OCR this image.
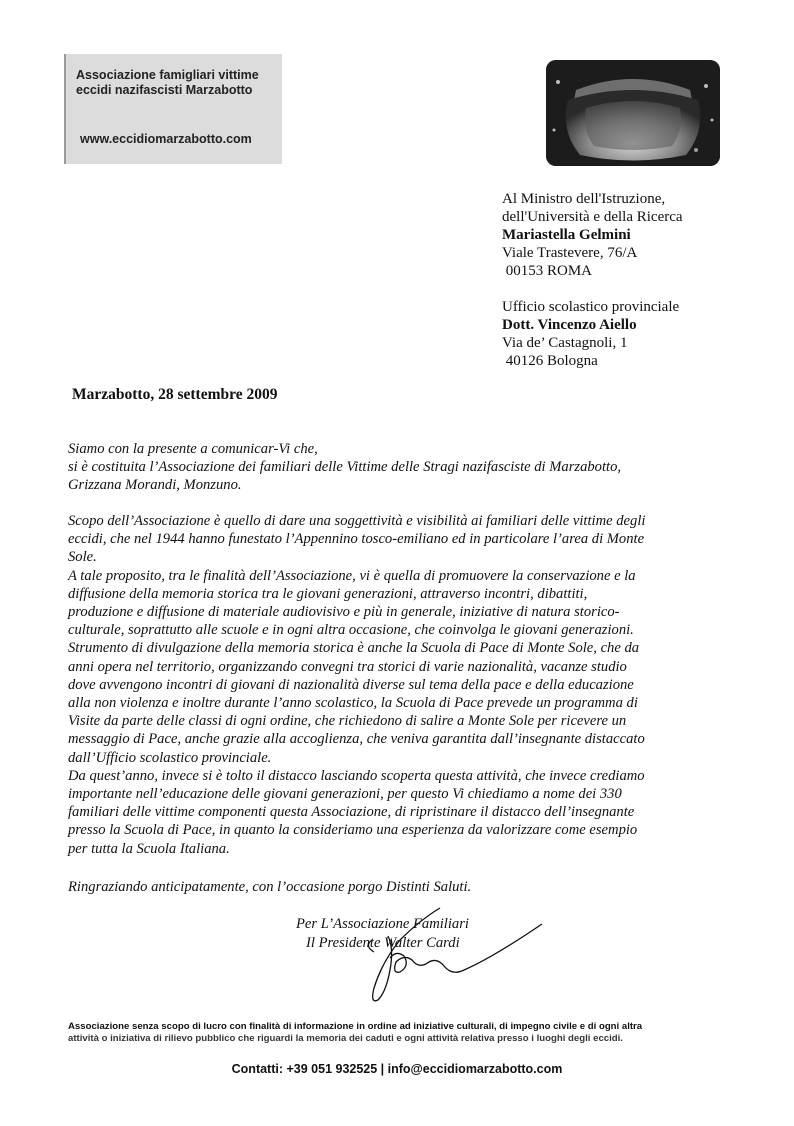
Associazione famigliari vittime
eccidi nazifascisti Marzabotto
www.eccidiomarzabotto.com
Al Ministro dell'Istruzione,
dell'Università e della Ricerca
Mariastella Gelmini
Viale Trastevere, 76/A
00153 ROMA
Ufficio scolastico provinciale
Dott. Vincenzo Aiello
Via de’ Castagnoli, 1
40126 Bologna
Marzabotto, 28 settembre 2009
Siamo con la presente a comunicar-Vi che,
si è costituita l’Associazione dei familiari delle Vittime delle Stragi nazifasciste di Marzabotto,
Grizzana Morandi, Monzuno.
Scopo dell’Associazione è quello di dare una soggettività e visibilità ai familiari delle vittime degli
eccidi, che nel 1944 hanno funestato l’Appennino tosco-emiliano ed in particolare l’area di Monte
Sole.
A tale proposito, tra le finalità dell’Associazione, vi è quella di promuovere la conservazione e la
diffusione della memoria storica tra le giovani generazioni, attraverso incontri, dibattiti,
produzione e diffusione di materiale audiovisivo e più in generale, iniziative di natura storico-
culturale, soprattutto alle scuole e in ogni altra occasione, che coinvolga le giovani generazioni.
Strumento di divulgazione della memoria storica è anche la Scuola di Pace di Monte Sole, che da
anni opera nel territorio, organizzando convegni tra storici di varie nazionalità, vacanze studio
dove avvengono incontri di giovani di nazionalità diverse sul tema della pace e della educazione
alla non violenza e inoltre durante l’anno scolastico, la Scuola di Pace prevede un programma di
Visite da parte delle classi di ogni ordine, che richiedono di salire a Monte Sole per ricevere un
messaggio di Pace, anche grazie alla accoglienza, che veniva garantita dall’insegnante distaccato
dall’Ufficio scolastico provinciale.
Da quest’anno, invece si è tolto il distacco lasciando scoperta questa attività, che invece crediamo
importante nell’educazione delle giovani generazioni, per questo Vi chiediamo a nome dei 330
familiari delle vittime componenti questa Associazione, di ripristinare il distacco dell’insegnante
presso la Scuola di Pace, in quanto la consideriamo una esperienza da valorizzare come esempio
per tutta la Scuola Italiana.
Ringraziando anticipatamente, con l’occasione porgo Distinti Saluti.
Per L’Associazione Familiari
Il Presidente Walter Cardi
Associazione senza scopo di lucro con finalità di informazione in ordine ad iniziative culturali, di impegno civile e di ogni altra
attività o iniziativa di rilievo pubblico che riguardi la memoria dei caduti e ogni attività relativa presso i luoghi degli eccidi.
Contatti: +39 051 932525 | info@eccidiomarzabotto.com
